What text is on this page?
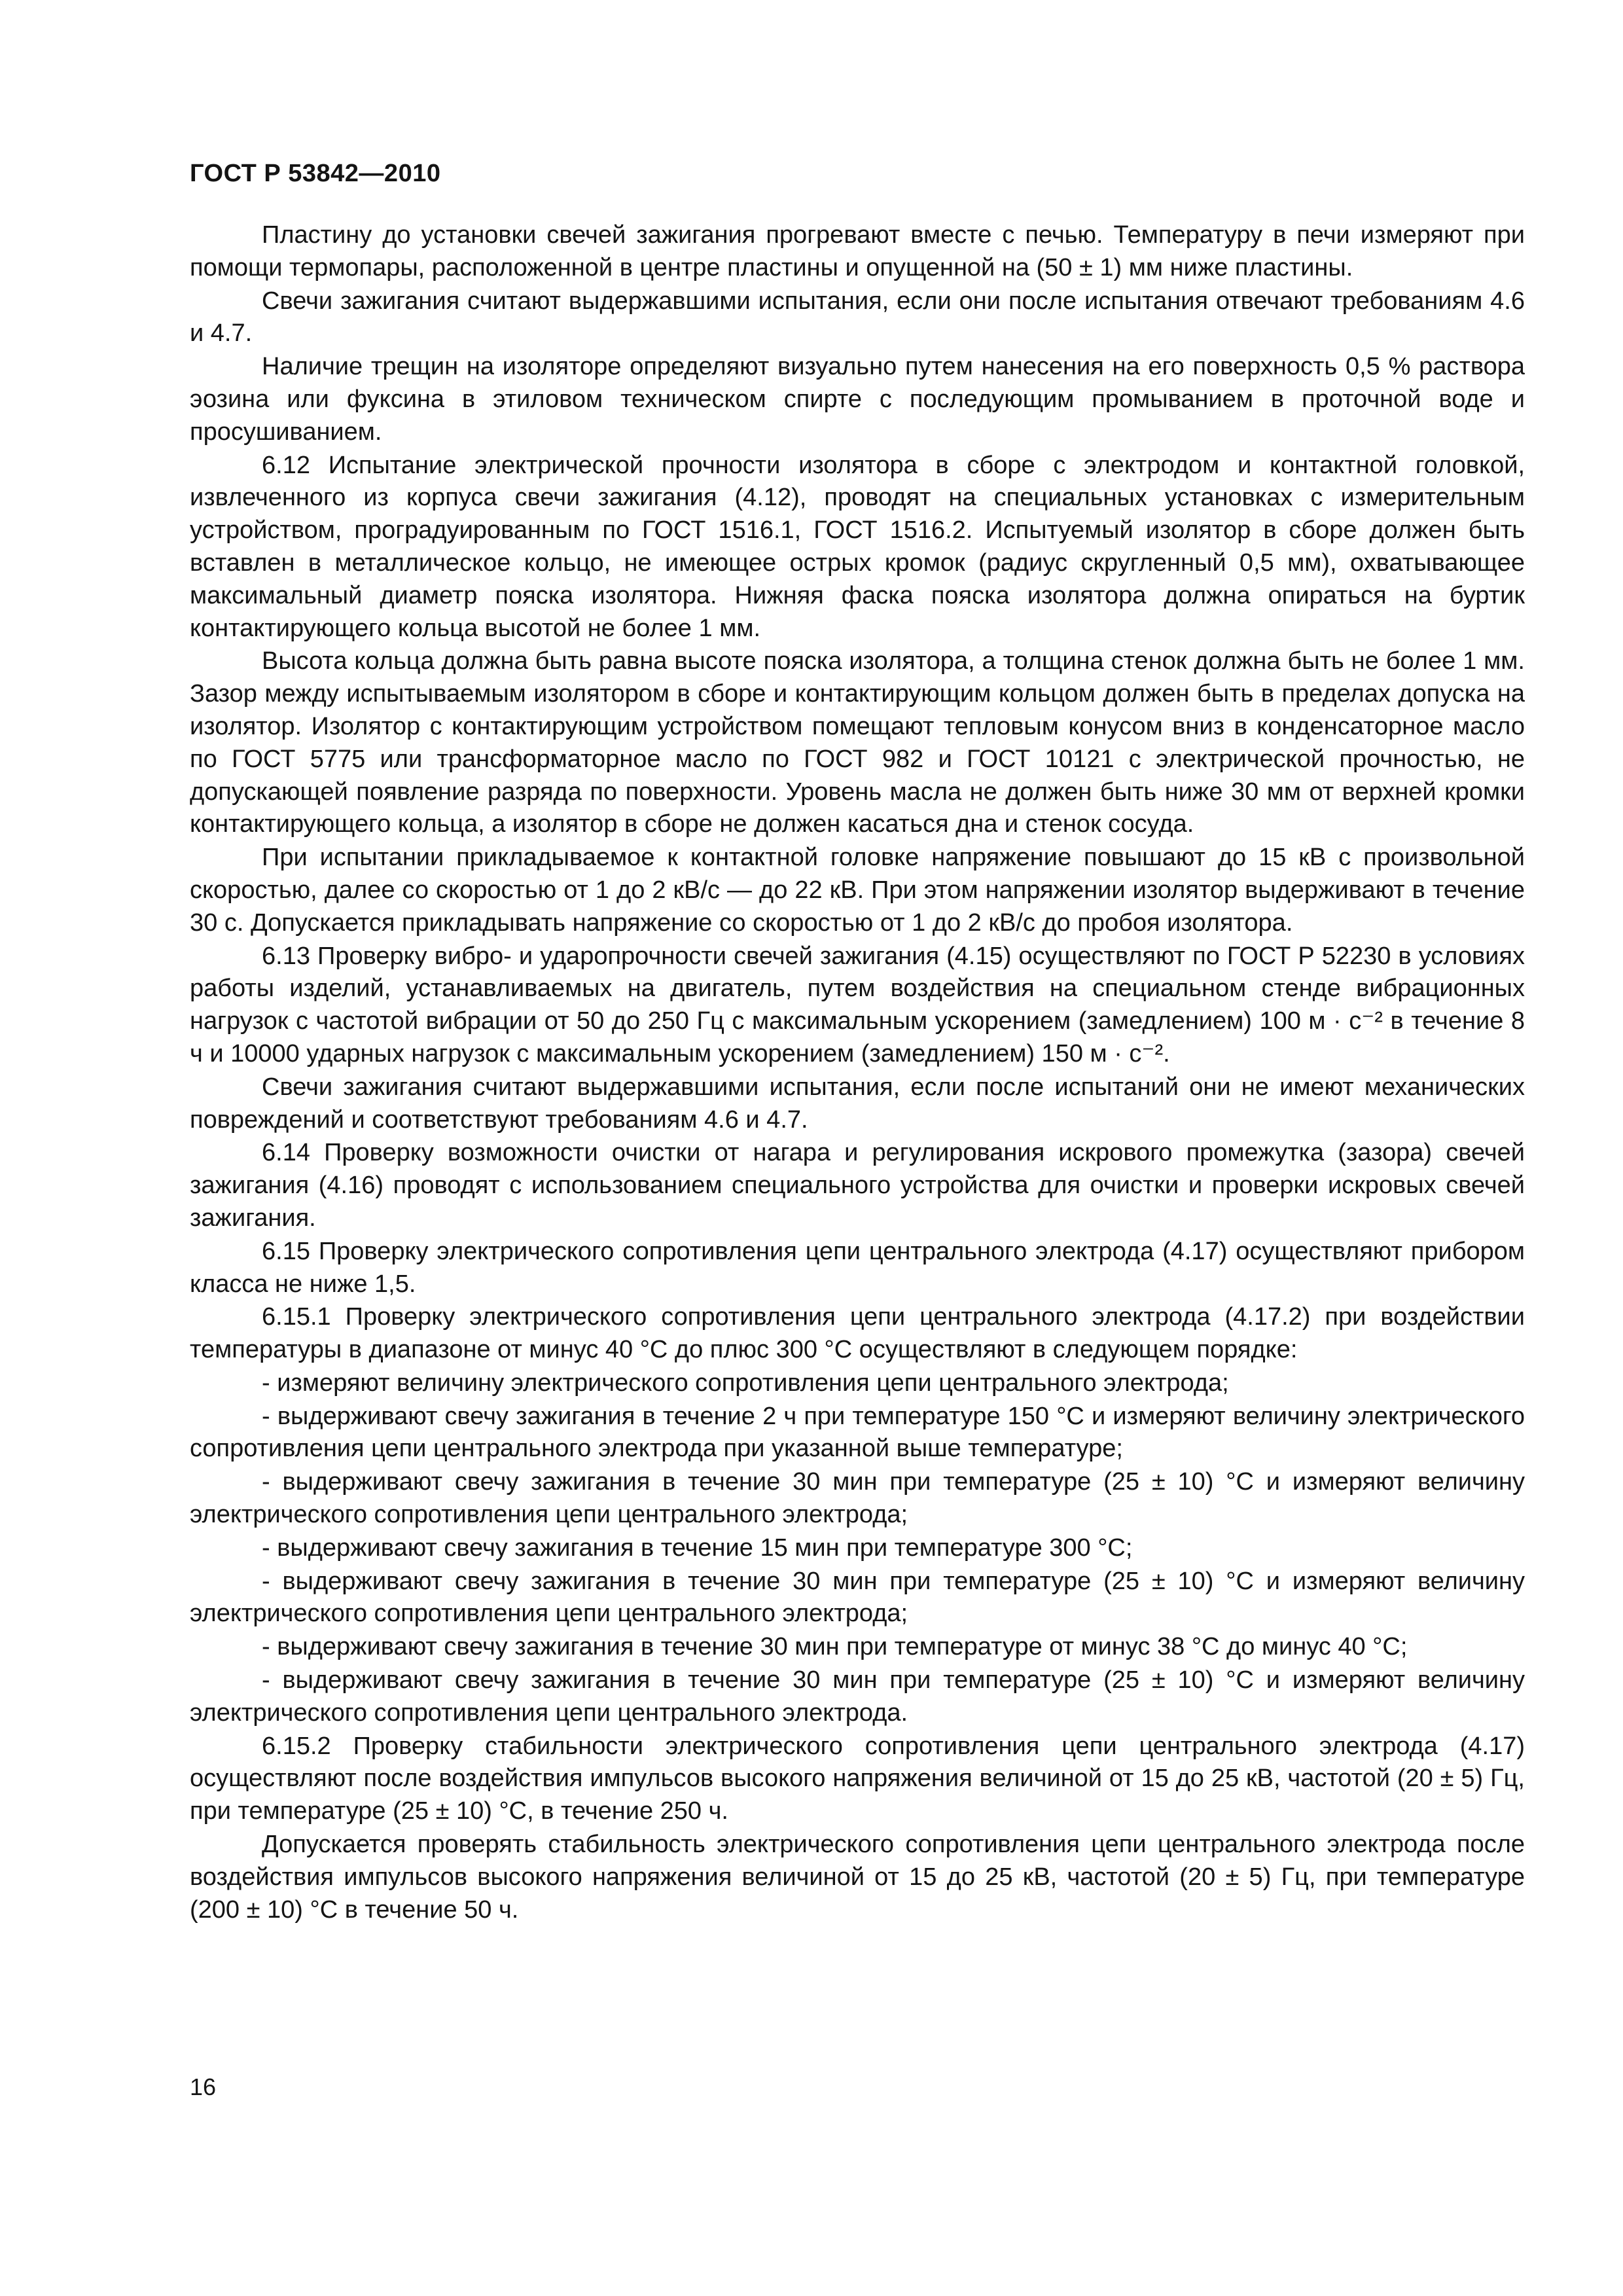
ГОСТ Р 53842—2010

Пластину до установки свечей зажигания прогревают вместе с печью. Температуру в печи измеряют при помощи термопары, расположенной в центре пластины и опущенной на (50 ± 1) мм ниже пластины.

Свечи зажигания считают выдержавшими испытания, если они после испытания отвечают требованиям 4.6 и 4.7.

Наличие трещин на изоляторе определяют визуально путем нанесения на его поверхность 0,5 % раствора эозина или фуксина в этиловом техническом спирте с последующим промыванием в проточной воде и просушиванием.

6.12 Испытание электрической прочности изолятора в сборе с электродом и контактной головкой, извлеченного из корпуса свечи зажигания (4.12), проводят на специальных установках с измерительным устройством, проградуированным по ГОСТ 1516.1, ГОСТ 1516.2. Испытуемый изолятор в сборе должен быть вставлен в металлическое кольцо, не имеющее острых кромок (радиус скругленный 0,5 мм), охватывающее максимальный диаметр пояска изолятора. Нижняя фаска пояска изолятора должна опираться на буртик контактирующего кольца высотой не более 1 мм.

Высота кольца должна быть равна высоте пояска изолятора, а толщина стенок должна быть не более 1 мм. Зазор между испытываемым изолятором в сборе и контактирующим кольцом должен быть в пределах допуска на изолятор. Изолятор с контактирующим устройством помещают тепловым конусом вниз в конденсаторное масло по ГОСТ 5775 или трансформаторное масло по ГОСТ 982 и ГОСТ 10121 с электрической прочностью, не допускающей появление разряда по поверхности. Уровень масла не должен быть ниже 30 мм от верхней кромки контактирующего кольца, а изолятор в сборе не должен касаться дна и стенок сосуда.

При испытании прикладываемое к контактной головке напряжение повышают до 15 кВ с произвольной скоростью, далее со скоростью от 1 до 2 кВ/с — до 22 кВ. При этом напряжении изолятор выдерживают в течение 30 с. Допускается прикладывать напряжение со скоростью от 1 до 2 кВ/с до пробоя изолятора.

6.13 Проверку вибро- и ударопрочности свечей зажигания (4.15) осуществляют по ГОСТ Р 52230 в условиях работы изделий, устанавливаемых на двигатель, путем воздействия на специальном стенде вибрационных нагрузок с частотой вибрации от 50 до 250 Гц с максимальным ускорением (замедлением) 100 м · с⁻² в течение 8 ч и 10000 ударных нагрузок с максимальным ускорением (замедлением) 150 м · с⁻².

Свечи зажигания считают выдержавшими испытания, если после испытаний они не имеют механических повреждений и соответствуют требованиям 4.6 и 4.7.

6.14 Проверку возможности очистки от нагара и регулирования искрового промежутка (зазора) свечей зажигания (4.16) проводят с использованием специального устройства для очистки и проверки искровых свечей зажигания.

6.15 Проверку электрического сопротивления цепи центрального электрода (4.17) осуществляют прибором класса не ниже 1,5.

6.15.1 Проверку электрического сопротивления цепи центрального электрода (4.17.2) при воздействии температуры в диапазоне от минус 40 °С до плюс 300 °С осуществляют в следующем порядке:

- измеряют величину электрического сопротивления цепи центрального электрода;

- выдерживают свечу зажигания в течение 2 ч при температуре 150 °С и измеряют величину электрического сопротивления цепи центрального электрода при указанной выше температуре;

- выдерживают свечу зажигания в течение 30 мин при температуре (25 ± 10) °С и измеряют величину электрического сопротивления цепи центрального электрода;

- выдерживают свечу зажигания в течение 15 мин при температуре 300 °С;

- выдерживают свечу зажигания в течение 30 мин при температуре (25 ± 10) °С и измеряют величину электрического сопротивления цепи центрального электрода;

- выдерживают свечу зажигания в течение 30 мин при температуре от минус 38 °С до минус 40 °С;

- выдерживают свечу зажигания в течение 30 мин при температуре (25 ± 10) °С и измеряют величину электрического сопротивления цепи центрального электрода.

6.15.2 Проверку стабильности электрического сопротивления цепи центрального электрода (4.17) осуществляют после воздействия импульсов высокого напряжения величиной от 15 до 25 кВ, частотой (20 ± 5) Гц, при температуре (25 ± 10) °С, в течение 250 ч.

Допускается проверять стабильность электрического сопротивления цепи центрального электрода после воздействия импульсов высокого напряжения величиной от 15 до 25 кВ, частотой (20 ± 5) Гц, при температуре (200 ± 10) °С в течение 50 ч.

16
